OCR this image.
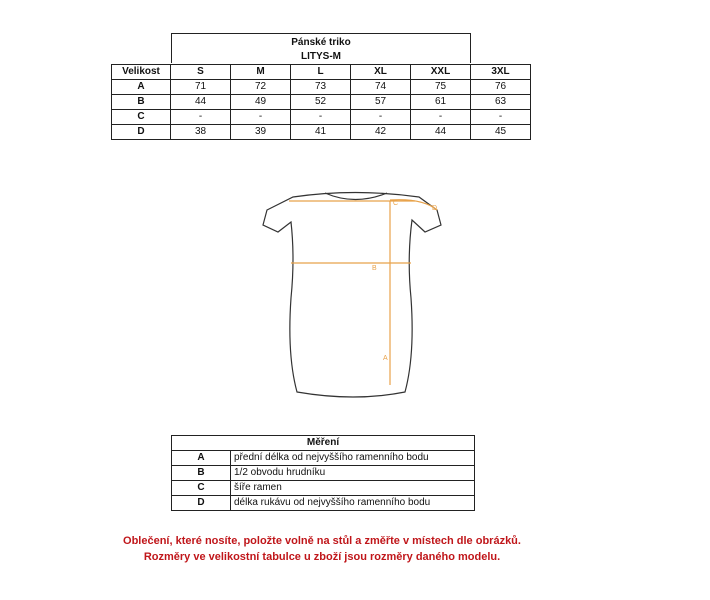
Pánské triko
LITYS-M
Velikost	S	M	L	XL	XXL	3XL
A	71	72	73	74	75	76
B	44	49	52	57	61	63
C	-	-	-	-	-	-
D	38	39	41	42	44	45
A
B
C
D
Měření	
A	přední délka od nejvyššího ramenního bodu
B	1/2 obvodu hrudníku
C	šíře ramen
D	délka rukávu od nejvyššího ramenního bodu
Oblečení, které nosíte, položte volně na stůl a změřte v místech dle obrázků.
Rozměry ve velikostní tabulce u zboží jsou rozměry daného modelu.
